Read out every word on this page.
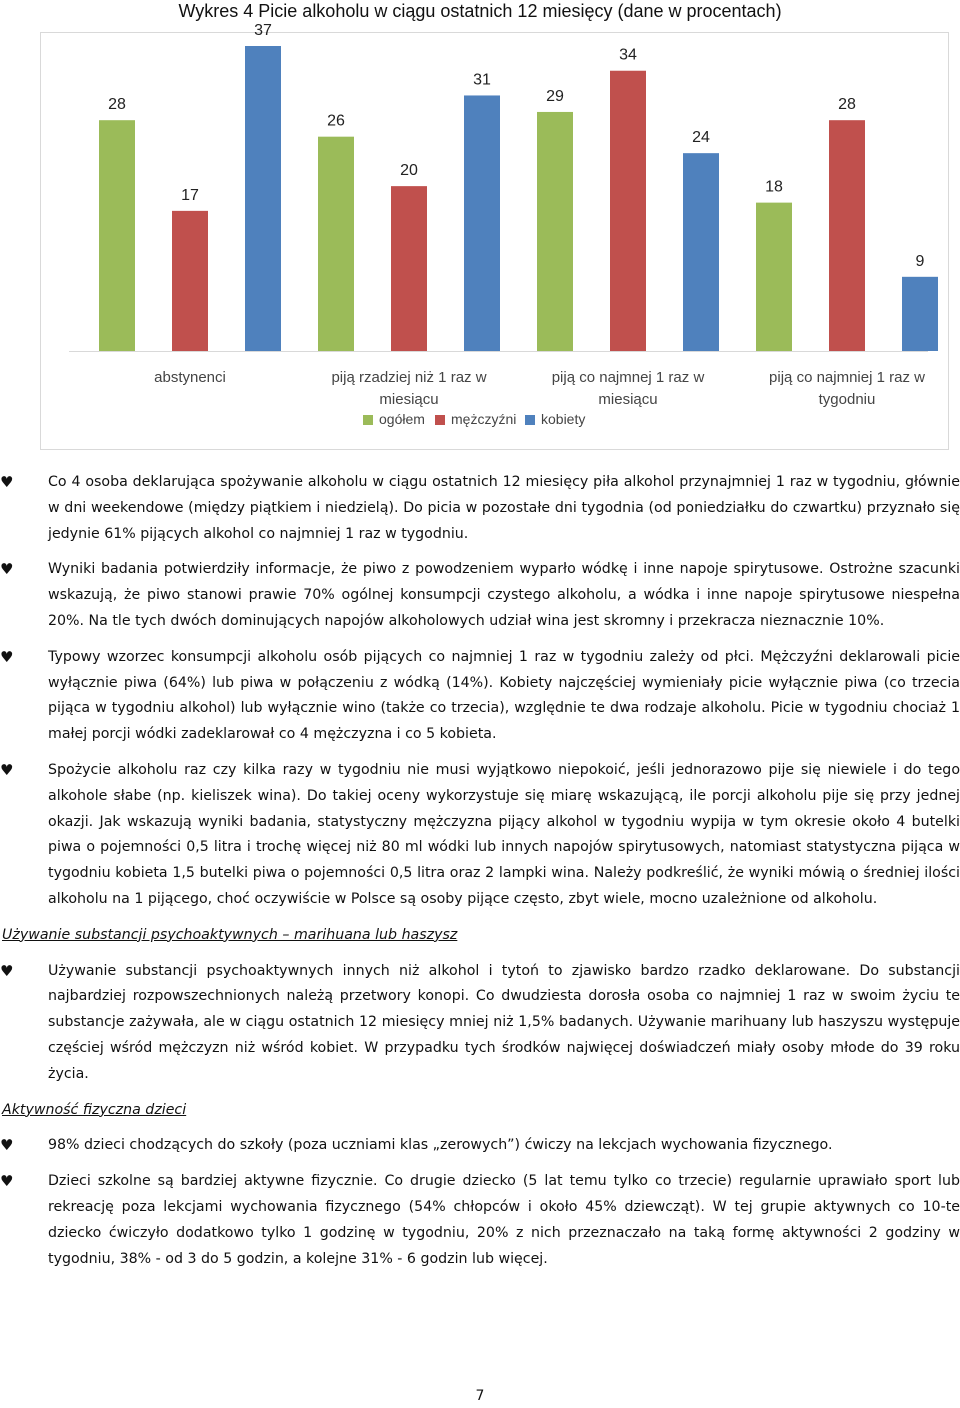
Wykres 4 Picie alkoholu w ciągu ostatnich 12 miesięcy (dane w procentach)
28
17
37
abstynenci
26
20
31
piją rzadziej niż 1 raz w
miesiącu
29
34
24
piją co najmnej 1 raz w
miesiącu
18
28
9
piją co najmniej 1 raz w
tygodniu
ogółem mężczyźni kobiety
♥ Co 4 osoba deklarująca spożywanie alkoholu w ciągu ostatnich 12 miesięcy piła alkohol przynajmniej 1 raz w tygodniu, głównie w dni weekendowe (między piątkiem i niedzielą). Do picia w pozostałe dni tygodnia (od poniedziałku do czwartku) przyznało się jedynie 61% pijących alkohol co najmniej 1 raz w tygodniu.
♥ Wyniki badania potwierdziły informacje, że piwo z powodzeniem wyparło wódkę i inne napoje spirytusowe. Ostrożne szacunki wskazują, że piwo stanowi prawie 70% ogólnej konsumpcji czystego alkoholu, a wódka i inne napoje spirytusowe niespełna 20%. Na tle tych dwóch dominujących napojów alkoholowych udział wina jest skromny i przekracza nieznacznie 10%.
♥ Typowy wzorzec konsumpcji alkoholu osób pijących co najmniej 1 raz w tygodniu zależy od płci. Mężczyźni deklarowali picie wyłącznie piwa (64%) lub piwa w połączeniu z wódką (14%). Kobiety najczęściej wymieniały picie wyłącznie piwa (co trzecia pijąca w tygodniu alkohol) lub wyłącznie wino (także co trzecia), względnie te dwa rodzaje alkoholu. Picie w tygodniu chociaż 1 małej porcji wódki zadeklarował co 4 mężczyzna i co 5 kobieta.
♥ Spożycie alkoholu raz czy kilka razy w tygodniu nie musi wyjątkowo niepokoić, jeśli jednorazowo pije się niewiele i do tego alkohole słabe (np. kieliszek wina). Do takiej oceny wykorzystuje się miarę wskazującą, ile porcji alkoholu pije się przy jednej okazji. Jak wskazują wyniki badania, statystyczny mężczyzna pijący alkohol w tygodniu wypija w tym okresie około 4 butelki piwa o pojemności 0,5 litra i trochę więcej niż 80 ml wódki lub innych napojów spirytusowych, natomiast statystyczna pijąca w tygodniu kobieta 1,5 butelki piwa o pojemności 0,5 litra oraz 2 lampki wina. Należy podkreślić, że wyniki mówią o średniej ilości alkoholu na 1 pijącego, choć oczywiście w Polsce są osoby pijące często, zbyt wiele, mocno uzależnione od alkoholu.
Używanie substancji psychoaktywnych – marihuana lub haszysz
♥ Używanie substancji psychoaktywnych innych niż alkohol i tytoń to zjawisko bardzo rzadko deklarowane. Do substancji najbardziej rozpowszechnionych należą przetwory konopi. Co dwudziesta dorosła osoba co najmniej 1 raz w swoim życiu te substancje zażywała, ale w ciągu ostatnich 12 miesięcy mniej niż 1,5% badanych. Używanie marihuany lub haszyszu występuje częściej wśród mężczyzn niż wśród kobiet. W przypadku tych środków najwięcej doświadczeń miały osoby młode do 39 roku życia.
Aktywność fizyczna dzieci
♥ 98% dzieci chodzących do szkoły (poza uczniami klas „zerowych”) ćwiczy na lekcjach wychowania fizycznego.
♥ Dzieci szkolne są bardziej aktywne fizycznie. Co drugie dziecko (5 lat temu tylko co trzecie) regularnie uprawiało sport lub rekreację poza lekcjami wychowania fizycznego (54% chłopców i około 45% dziewcząt). W tej grupie aktywnych co 10-te dziecko ćwiczyło dodatkowo tylko 1 godzinę w tygodniu, 20% z nich przeznaczało na taką formę aktywności 2 godziny w tygodniu, 38% - od 3 do 5 godzin, a kolejne 31% - 6 godzin lub więcej.
7
